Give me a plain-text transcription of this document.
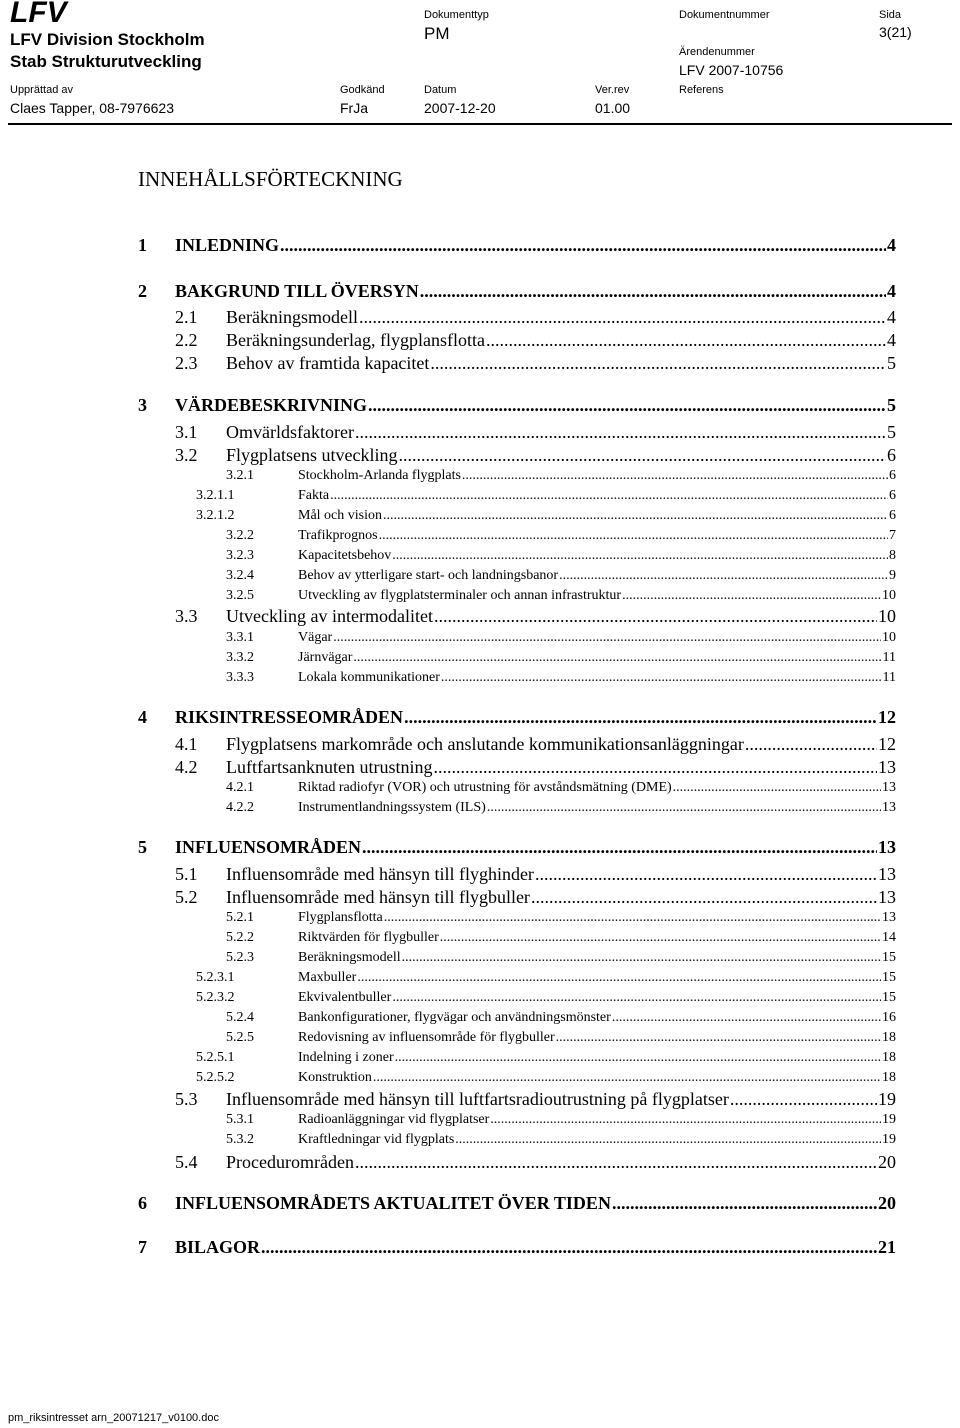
LFV
LFV Division Stockholm
Stab Strukturutveckling
Dokumenttyp
PM
Dokumentnummer
Ärendenummer
LFV 2007-10756
Sida
3(21)
Upprättad av
Claes Tapper, 08-7976623
Godkänd
FrJa
Datum
2007-12-20
Ver.rev
01.00
Referens
INNEHÅLLSFÖRTECKNING
1	INLEDNING .....	4
2	BAKGRUND TILL ÖVERSYN .....	4
2.1	Beräkningsmodell .....	4
2.2	Beräkningsunderlag, flygplansflotta .....	4
2.3	Behov av framtida kapacitet .....	5
3	VÄRDEBESKRIVNING .....	5
3.1	Omvärldsfaktorer .....	5
3.2	Flygplatsens utveckling .....	6
3.2.1	Stockholm-Arlanda flygplats .....	6
3.2.1.1	Fakta .....	6
3.2.1.2	Mål och vision .....	6
3.2.2	Trafikprognos .....	7
3.2.3	Kapacitetsbehov .....	8
3.2.4	Behov av ytterligare start- och landningsbanor .....	9
3.2.5	Utveckling av flygplatsterminaler och annan infrastruktur .....	10
3.3	Utveckling av intermodalitet .....	10
3.3.1	Vägar .....	10
3.3.2	Järnvägar .....	11
3.3.3	Lokala kommunikationer .....	11
4	RIKSINTRESSEOMRÅDEN .....	12
4.1	Flygplatsens markområde och anslutande kommunikationsanläggningar .....	12
4.2	Luftfartsanknuten utrustning .....	13
4.2.1	Riktad radiofyr (VOR) och utrustning för avståndsmätning (DME) .....	13
4.2.2	Instrumentlandningssystem (ILS) .....	13
5	INFLUENSOMRÅDEN .....	13
5.1	Influensområde med hänsyn till flyghinder .....	13
5.2	Influensområde med hänsyn till flygbuller .....	13
5.2.1	Flygplansflotta .....	13
5.2.2	Riktvärden för flygbuller .....	14
5.2.3	Beräkningsmodell .....	15
5.2.3.1	Maxbuller .....	15
5.2.3.2	Ekvivalentbuller .....	15
5.2.4	Bankonfigurationer, flygvägar och användningsmönster .....	16
5.2.5	Redovisning av influensområde för flygbuller .....	18
5.2.5.1	Indelning i zoner .....	18
5.2.5.2	Konstruktion .....	18
5.3	Influensområde med hänsyn till luftfartsradioutrustning på flygplatser .....	19
5.3.1	Radioanläggningar vid flygplatser .....	19
5.3.2	Kraftledningar vid flygplats .....	19
5.4	Procedurområden .....	20
6	INFLUENSOMRÅDETS AKTUALITET ÖVER TIDEN .....	20
7	BILAGOR .....	21
pm_riksintresset arn_20071217_v0100.doc
